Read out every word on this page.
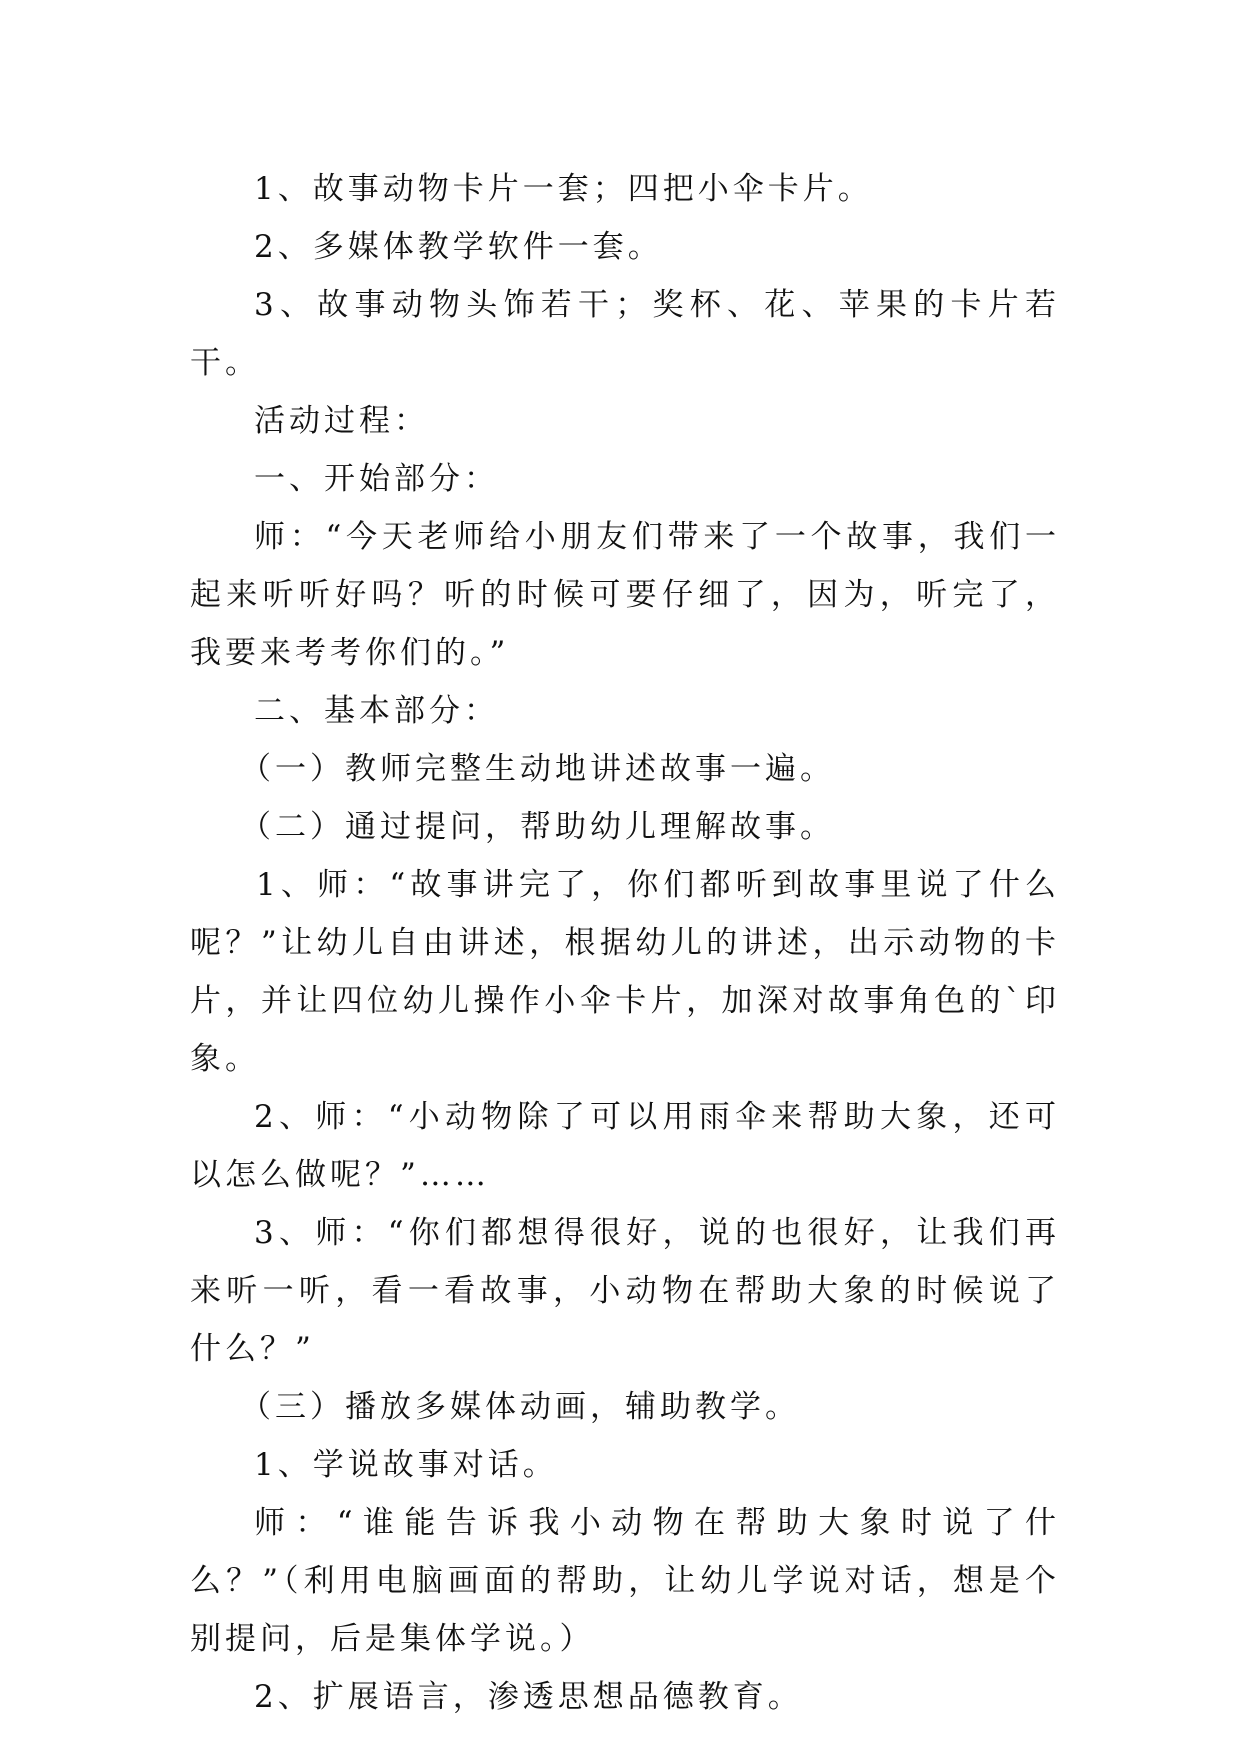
1、故事动物卡片一套；四把小伞卡片。

2、多媒体教学软件一套。

3、故事动物头饰若干；奖杯、花、苹果的卡片若干。

活动过程：

一、开始部分：

师：“今天老师给小朋友们带来了一个故事，我们一起来听听好吗？听的时候可要仔细了，因为，听完了，我要来考考你们的。”

二、基本部分：

（一）教师完整生动地讲述故事一遍。

（二）通过提问，帮助幼儿理解故事。

1、师：“故事讲完了，你们都听到故事里说了什么呢？”让幼儿自由讲述，根据幼儿的讲述，出示动物的卡片，并让四位幼儿操作小伞卡片，加深对故事角色的`印象。

2、师：“小动物除了可以用雨伞来帮助大象，还可以怎么做呢？”……

3、师：“你们都想得很好，说的也很好，让我们再来听一听，看一看故事，小动物在帮助大象的时候说了什么？”

（三）播放多媒体动画，辅助教学。

1、学说故事对话。

师：“谁能告诉我小动物在帮助大象时说了什么？”（利用电脑画面的帮助，让幼儿学说对话，想是个别提问，后是集体学说。）

2、扩展语言，渗透思想品德教育。
